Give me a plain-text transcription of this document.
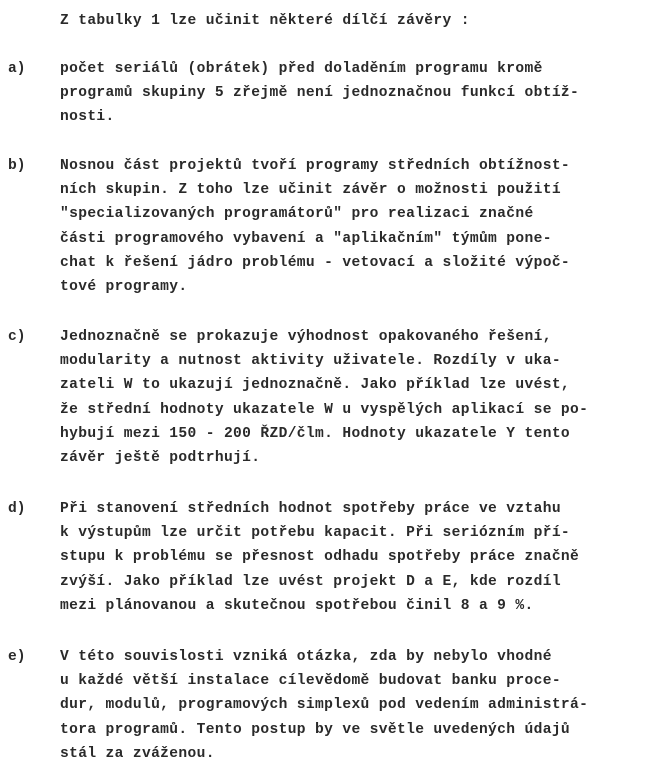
Z tabulky 1 lze učinit některé dílčí závěry :
a) počet seriálů (obrátek) před doladěním programu kromě
programů skupiny 5 zřejmě není jednoznačnou funkcí obtíž-
nosti.
b) Nosnou část projektů tvoří programy středních obtížnost-
ních skupin. Z toho lze učinit závěr o možnosti použití
"specializovaných programátorů" pro realizaci značné
části programového vybavení a "aplikačním" týmům pone-
chat k řešení jádro problému - vetovací a složité výpoč-
tové programy.
c) Jednoznačně se prokazuje výhodnost opakovaného řešení,
modularity a nutnost aktivity uživatele. Rozdíly v uka-
zateli W to ukazují jednoznačně. Jako příklad lze uvést,
že střední hodnoty ukazatele W u vyspělých aplikací se po-
hybují mezi 150 - 200 ŘZD/člm. Hodnoty ukazatele Y tento
závěr ještě podtrhují.
d) Při stanovení středních hodnot spotřeby práce ve vztahu
k výstupům lze určit potřebu kapacit. Při seriózním pří-
stupu k problému se přesnost odhadu spotřeby práce značně
zvýší. Jako příklad lze uvést projekt D a E, kde rozdíl
mezi plánovanou a skutečnou spotřebou činil 8 a 9 %.
e) V této souvislosti vzniká otázka, zda by nebylo vhodné
u každé větší instalace cílevědomě budovat banku proce-
dur, modulů, programových simplexů pod vedením administrá-
tora programů. Tento postup by ve světle uvedených údajů
stál za zváženou.
